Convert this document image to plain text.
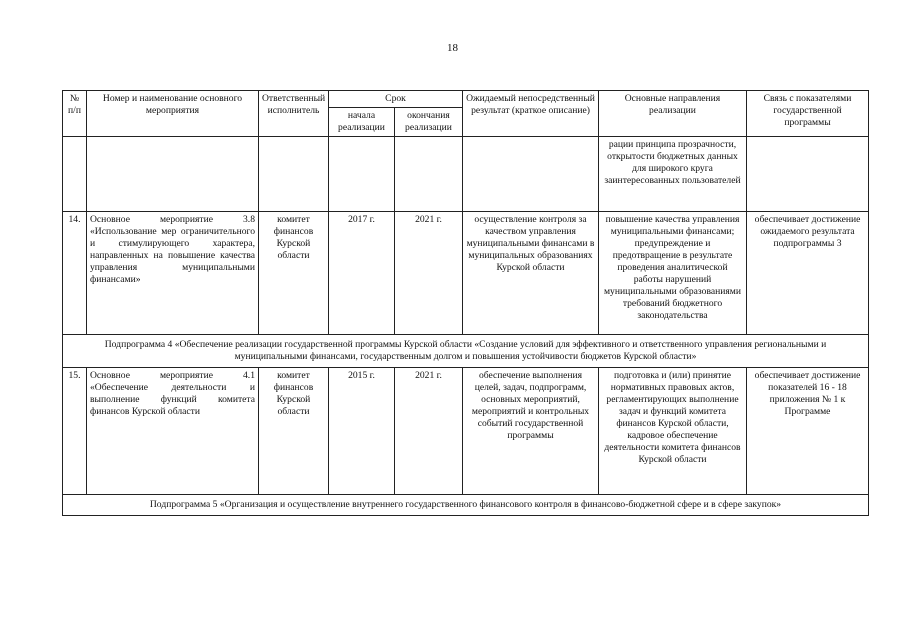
18
№ п/п	Номер и наименование основного мероприятия	Ответственный исполнитель	Срок		Ожидаемый непосредственный результат (краткое описание)	Основные направления реализации	Связь с показателями государственной программы
			начала реализации	окончания реализации			
						рации принципа прозрачности, открытости бюджетных данных для широкого круга заинтересованных пользователей	
14.	Основное мероприятие 3.8 «Использование мер ограничительного и стимулирующего характера, направленных на повышение качества управления муниципальными финансами»	комитет финансов Курской области	2017 г.	2021 г.	осуществление контроля за качеством управления муниципальными финансами в муниципальных образованиях Курской области	повышение качества управления муниципальными финансами; предупреждение и предотвращение в результате проведения аналитической работы нарушений муниципальными образованиями требований бюджетного законодательства	обеспечивает достижение ожидаемого результата подпрограммы 3
Подпрограмма 4 «Обеспечение реализации государственной программы Курской области «Создание условий для эффективного и ответственного управления региональными и муниципальными финансами, государственным долгом и повышения устойчивости бюджетов Курской области»							
15.	Основное мероприятие 4.1 «Обеспечение деятельности и выполнение функций комитета финансов Курской области	комитет финансов Курской области	2015 г.	2021 г.	обеспечение выполнения целей, задач, подпрограмм, основных мероприятий, мероприятий и контрольных событий государственной программы	подготовка и (или) принятие нормативных правовых актов, регламентирующих выполнение задач и функций комитета финансов Курской области, кадровое обеспечение деятельности комитета финансов Курской области	обеспечивает достижение показателей 16 - 18 приложения № 1 к Программе
Подпрограмма 5 «Организация и осуществление внутреннего государственного финансового контроля в финансово-бюджетной сфере и в сфере закупок»							
